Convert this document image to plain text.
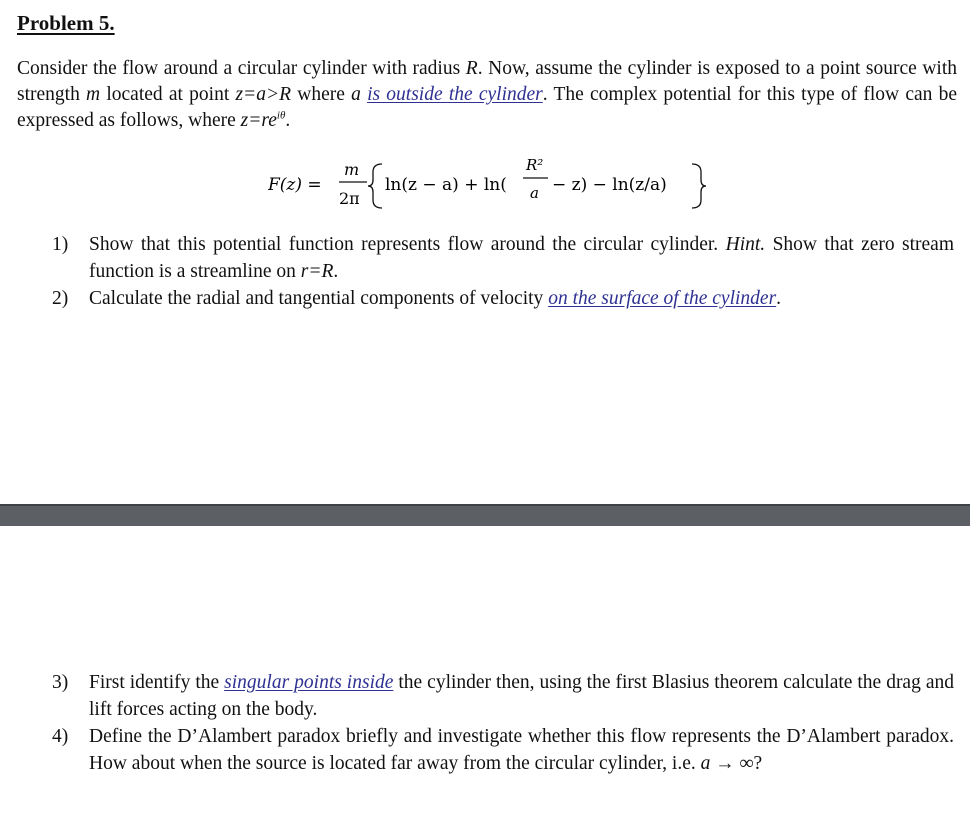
Problem 5.
Consider the flow around a circular cylinder with radius R. Now, assume the cylinder is exposed to a point source with strength m located at point z=a>R where a is outside the cylinder. The complex potential for this type of flow can be expressed as follows, where $z=re^{i\theta}$.
F(z) =
m
2π
ln(z − a) + ln(
R²
a − z) − ln(z/a)
1) Show that this potential function represents flow around the circular cylinder. Hint. Show that zero stream function is a streamline on r=R.
2) Calculate the radial and tangential components of velocity on the surface of the cylinder.
3) First identify the singular points inside the cylinder then, using the first Blasius theorem calculate the drag and lift forces acting on the body.
4) Define the D’Alambert paradox briefly and investigate whether this flow represents the D’Alambert paradox. How about when the source is located far away from the circular cylinder, i.e. a → ∞?
